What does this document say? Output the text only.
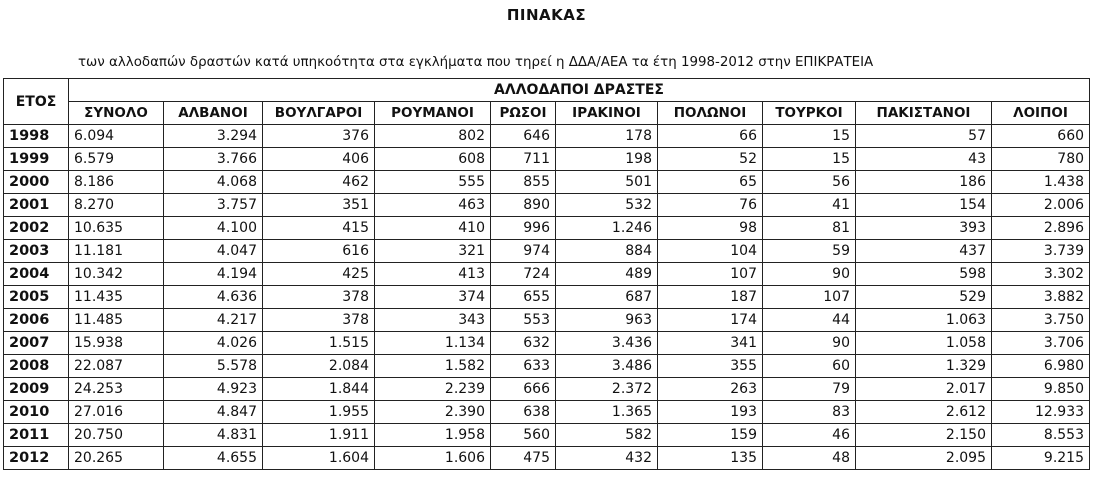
ΠΙΝΑΚΑΣ
των αλλοδαπών δραστών κατά υπηκοότητα στα εγκλήματα που τηρεί η ΔΔΑ/ΑΕΑ τα έτη 1998-2012 στην ΕΠΙΚΡΑΤΕΙΑ
ΕΤΟΣ	ΑΛΛΟΔΑΠΟΙ ΔΡΑΣΤΕΣ									
	ΣΥΝΟΛΟ	ΑΛΒΑΝΟΙ	ΒΟΥΛΓΑΡΟΙ	ΡΟΥΜΑΝΟΙ	ΡΩΣΟΙ	ΙΡΑΚΙΝΟΙ	ΠΟΛΩΝΟΙ	ΤΟΥΡΚΟΙ	ΠΑΚΙΣΤΑΝΟΙ	ΛΟΙΠΟΙ
1998	6.094	3.294	376	802	646	178	66	15	57	660
1999	6.579	3.766	406	608	711	198	52	15	43	780
2000	8.186	4.068	462	555	855	501	65	56	186	1.438
2001	8.270	3.757	351	463	890	532	76	41	154	2.006
2002	10.635	4.100	415	410	996	1.246	98	81	393	2.896
2003	11.181	4.047	616	321	974	884	104	59	437	3.739
2004	10.342	4.194	425	413	724	489	107	90	598	3.302
2005	11.435	4.636	378	374	655	687	187	107	529	3.882
2006	11.485	4.217	378	343	553	963	174	44	1.063	3.750
2007	15.938	4.026	1.515	1.134	632	3.436	341	90	1.058	3.706
2008	22.087	5.578	2.084	1.582	633	3.486	355	60	1.329	6.980
2009	24.253	4.923	1.844	2.239	666	2.372	263	79	2.017	9.850
2010	27.016	4.847	1.955	2.390	638	1.365	193	83	2.612	12.933
2011	20.750	4.831	1.911	1.958	560	582	159	46	2.150	8.553
2012	20.265	4.655	1.604	1.606	475	432	135	48	2.095	9.215
